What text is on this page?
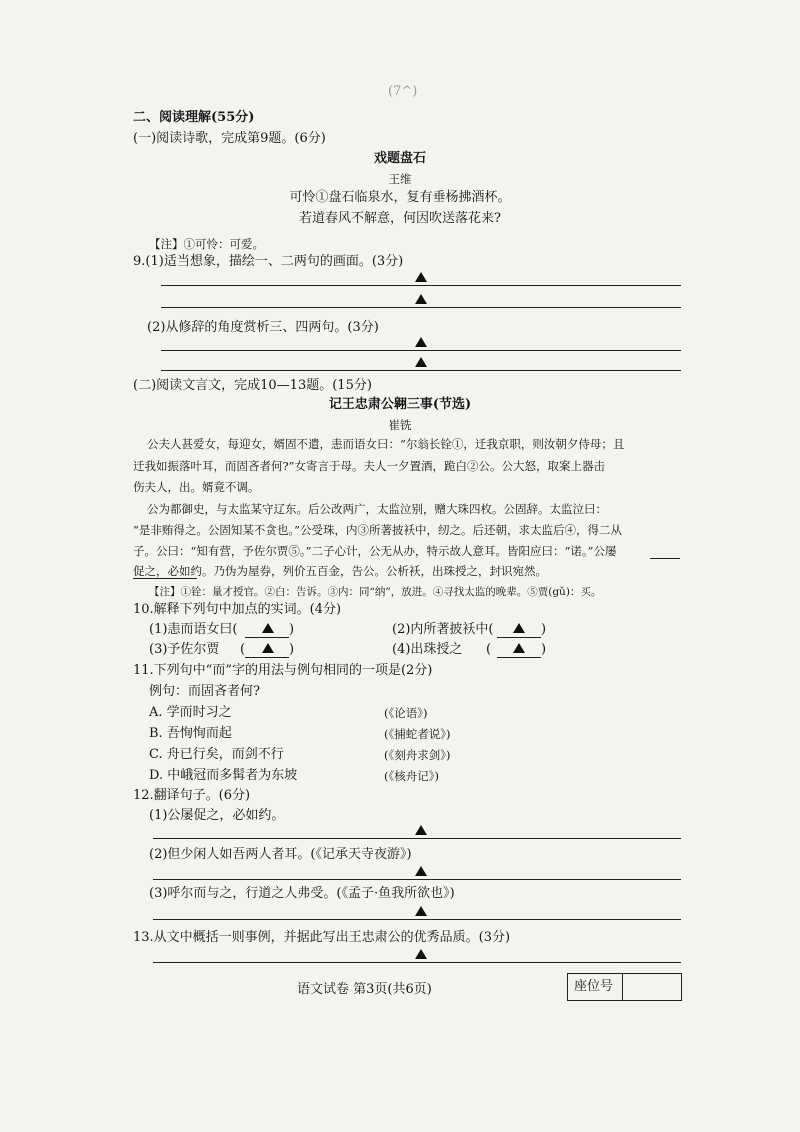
(7^)
二、阅读理解(55分)
(一)阅读诗歌，完成第9题。(6分)
戏题盘石
王维
可怜①盘石临泉水，复有垂杨拂酒杯。
若道春风不解意，何因吹送落花来?
【注】①可怜：可爱。
9.(1)适当想象，描绘一、二两句的画面。(3分)
(2)从修辞的角度赏析三、四两句。(3分)
(二)阅读文言文，完成10—13题。(15分)
记王忠肃公翱三事(节选)
崔铣
公夫人甚爱女，每迎女，婿固不遣，恚而语女曰：“尔翁长铨①，迁我京职，则汝朝夕侍母；且
迁我如振落叶耳，而固吝者何?”女寄言于母。夫人一夕置酒，跪白②公。公大怒，取案上器击
伤夫人，出。婿竟不调。
公为都御史，与太监某守辽东。后公改两广，太监泣别，赠大珠四枚。公固辞。太监泣曰：
“是非贿得之。公固知某不贪也。”公受珠，内③所著披袄中，纫之。后还朝，求太监后④，得二从
子。公曰：“知有营，予佐尔贾⑤。”二子心计，公无从办，特示故人意耳。皆阳应曰：“诺。”公屡
促之，必如约。乃伪为屋券，列价五百金，告公。公析袄，出珠授之，封识宛然。
【注】①铨：量才授官。②白：告诉。③内：同“纳”，放进。④寻找太监的晚辈。⑤贾(gǔ)：买。
10.解释下列句中加点的实词。(4分)
(1)恚而语女曰(	)	(2)内所著披袄中(	)
(3)予佐尔贾 (	)	(4)出珠授之 (	)
11.下列句中“而”字的用法与例句相同的一项是(2分)
例句：而固吝者何?
A. 学而时习之	(《论语》)
B. 吾恂恂而起	(《捕蛇者说》)
C. 舟已行矣，而剑不行	(《刻舟求剑》)
D. 中峨冠而多髯者为东坡	(《核舟记》)
12.翻译句子。(6分)
(1)公屡促之，必如约。
(2)但少闲人如吾两人者耳。(《记承天寺夜游》)
(3)呼尔而与之，行道之人弗受。(《孟子·鱼我所欲也》)
13.从文中概括一则事例，并据此写出王忠肃公的优秀品质。(3分)
语文试卷 第3页(共6页)	座位号
